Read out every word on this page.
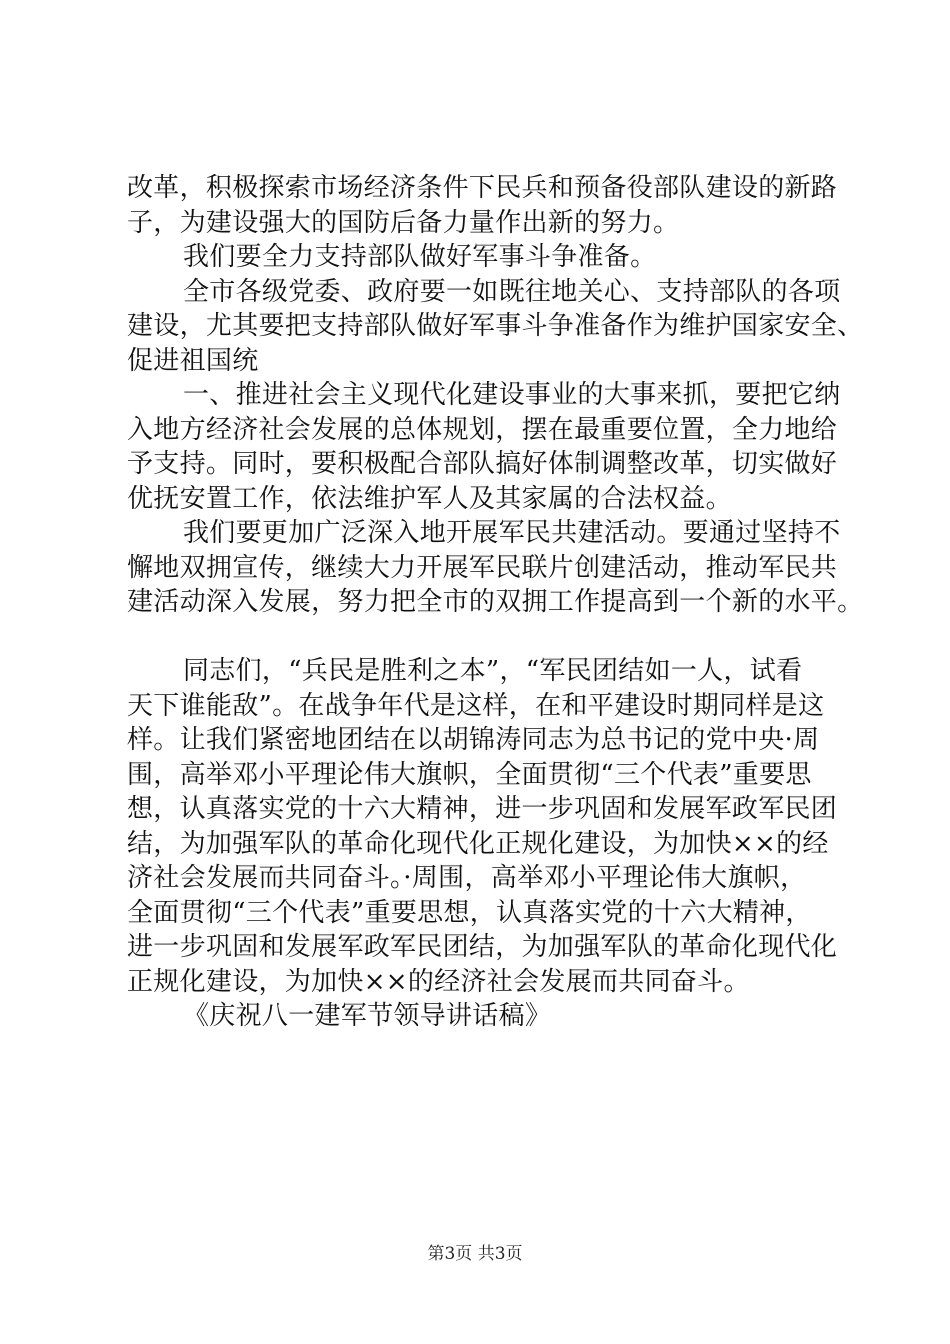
改革，积极探索市场经济条件下民兵和预备役部队建设的新路
子，为建设强大的国防后备力量作出新的努力。
我们要全力支持部队做好军事斗争准备。
全市各级党委、政府要一如既往地关心、支持部队的各项
建设，尤其要把支持部队做好军事斗争准备作为维护国家安全、
促进祖国统
一、推进社会主义现代化建设事业的大事来抓，要把它纳
入地方经济社会发展的总体规划，摆在最重要位置，全力地给
予支持。同时，要积极配合部队搞好体制调整改革，切实做好
优抚安置工作，依法维护军人及其家属的合法权益。
我们要更加广泛深入地开展军民共建活动。要通过坚持不
懈地双拥宣传，继续大力开展军民联片创建活动，推动军民共
建活动深入发展，努力把全市的双拥工作提高到一个新的水平。
同志们，“兵民是胜利之本”，“军民团结如一人，试看
天下谁能敌”。在战争年代是这样，在和平建设时期同样是这
样。让我们紧密地团结在以胡锦涛同志为总书记的党中央·周
围，高举邓小平理论伟大旗帜，全面贯彻“三个代表”重要思
想，认真落实党的十六大精神，进一步巩固和发展军政军民团
结，为加强军队的革命化现代化正规化建设，为加快××的经
济社会发展而共同奋斗。·周围，高举邓小平理论伟大旗帜，
全面贯彻“三个代表”重要思想，认真落实党的十六大精神，
进一步巩固和发展军政军民团结，为加强军队的革命化现代化
正规化建设，为加快××的经济社会发展而共同奋斗。
《庆祝八一建军节领导讲话稿》
第3页 共3页
